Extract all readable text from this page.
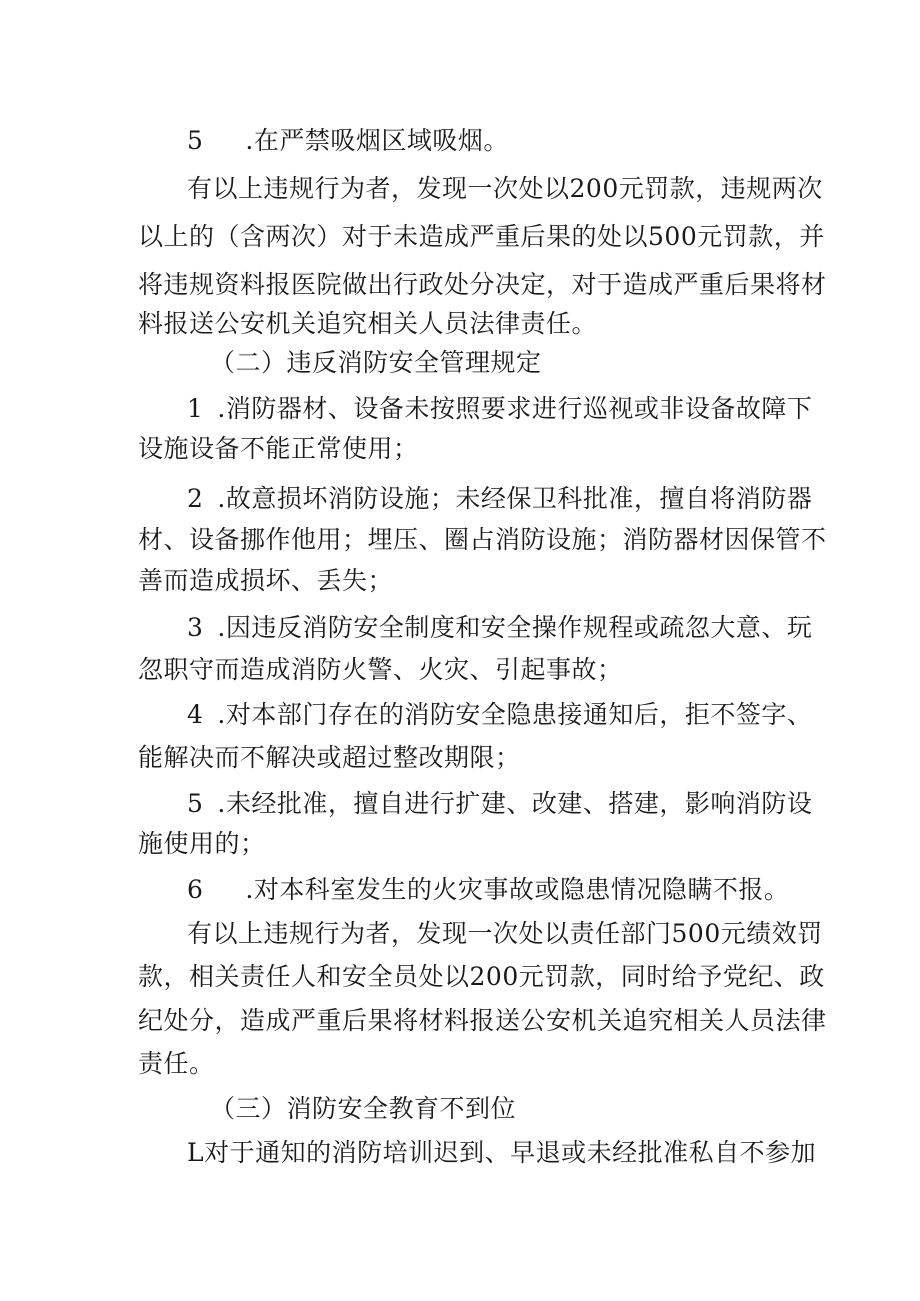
5 .在严禁吸烟区域吸烟。
有以上违规行为者，发现一次处以200元罚款，违规两次
以上的（含两次）对于未造成严重后果的处以500元罚款，并
将违规资料报医院做出行政处分决定，对于造成严重后果将材
料报送公安机关追究相关人员法律责任。
（二）违反消防安全管理规定
1 .消防器材、设备未按照要求进行巡视或非设备故障下
设施设备不能正常使用；
2 .故意损坏消防设施；未经保卫科批准，擅自将消防器
材、设备挪作他用；埋压、圈占消防设施；消防器材因保管不
善而造成损坏、丢失；
3 .因违反消防安全制度和安全操作规程或疏忽大意、玩
忽职守而造成消防火警、火灾、引起事故；
4 .对本部门存在的消防安全隐患接通知后，拒不签字、
能解决而不解决或超过整改期限；
5 .未经批准，擅自进行扩建、改建、搭建，影响消防设
施使用的；
6 .对本科室发生的火灾事故或隐患情况隐瞒不报。
有以上违规行为者，发现一次处以责任部门500元绩效罚
款，相关责任人和安全员处以200元罚款，同时给予党纪、政
纪处分，造成严重后果将材料报送公安机关追究相关人员法律
责任。
（三）消防安全教育不到位
L对于通知的消防培训迟到、早退或未经批准私自不参加
